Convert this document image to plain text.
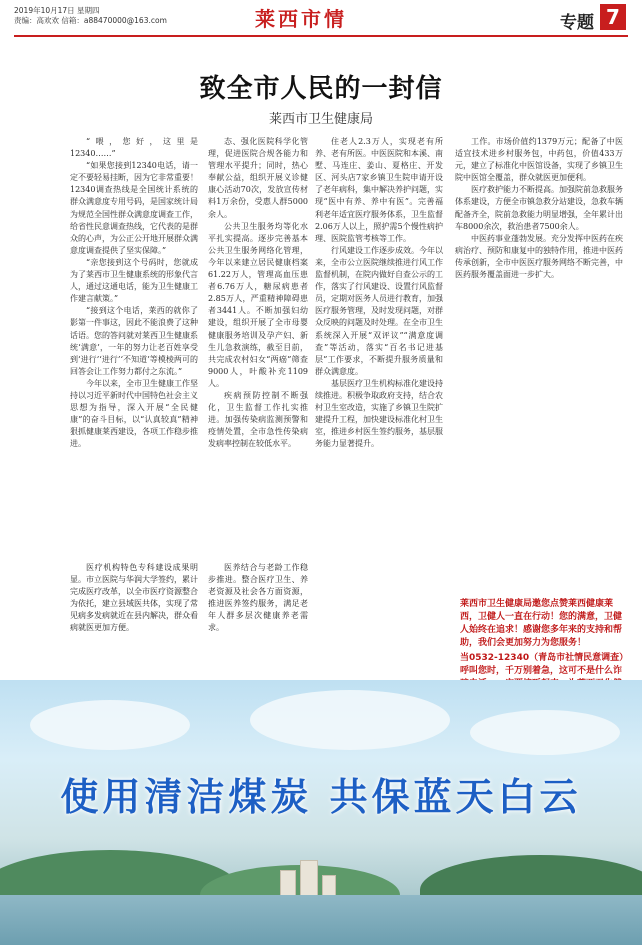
2019年10月17日 星期四
责编：高欢欢 信箱：a88470000@163.com	莱西市情	专题 7
致全市人民的一封信
莱西市卫生健康局

“喂，您好，这里是12340……”

“如果您接到12340电话，请一定不要轻易挂断，因为它非常重要！12340调查热线是全国统计系统的群众满意度专用号码，是国家统计局为规范全国性群众满意度调查工作，给省性民意调查热线，它代表的是群众的心声，为公正公开地开展群众满意度调查提供了坚实保障。”

“亲您接到这个号码时，您就成为了莱西市卫生健康系统的形象代言人，通过这通电话，能为卫生健康工作建言献策。”

“接到这个电话，莱西的就你了影第一件事这，因此不能浪费了这种话语。您的答问就对莱西卫生健康系统‘满意’，一年的努力让老百姓享受到‘进行’‘进行’‘不知道’等模棱两可的回答会让工作努力都付之东流。”

今年以来，全市卫生健康工作坚持以习近平新时代中国特色社会主义思想为指导，深入开展“全民健康”的奋斗目标，以“认真较真”精神狠抓健康莱西建设，各项工作稳步推进。

医疗机构特色专科建设成果明显。市立医院与华润大学签约，累计完成医疗改革，以全市医疗资源整合为依托，建立县域医共体，实现了常见病多发病就近在县内解决，群众看病就医更加方便。

态、强化医院科学化管理，促进医院合规各能力和管理水平提升；同时，热心奉献公益，组织开展义诊健康心活动70次，发放宣传材料1万余份，受惠人群5000余人。

公共卫生服务均等化水平扎实提高。逐步完善基本公共卫生服务网络化管理，今年以来建立居民健康档案61.22万人，管理高血压患者6.76万人，糖尿病患者2.85万人，严重精神障碍患者3441人。不断加强妇幼建设，组织开展了全市母婴健康服务培训及孕产妇、新生儿急救演练，截至目前，共完成农村妇女“两癌”筛查9000人，叶酸补充1109人。

疾病预防控制不断强化，卫生监督工作扎实推进。加强传染病监测预警和疫情处置，全市急性传染病发病率控制在较低水平。

医养结合与老龄工作稳步推进。整合医疗卫生、养老资源及社会各方面资源，推进医养签约服务，满足老年人群多层次健康养老需求。

住老人2.3万人，实现老有所养、老有所医。中医医院和本溪、南墅、马连庄、姜山、夏格庄、开发区、河头店7家乡镇卫生院申请开设了老年病科，集中解决养护问题，实现“医中有养、养中有医”。完善福利老年适宜医疗服务体系，卫生监督2.06万人以上，照护需5个慢性病护理、医院监管考核等工作。

行风建设工作逐步成效。今年以来，全市公立医院继续推进行风工作监督机制，在院内做好自查公示的工作，落实了行风建设、设置行风监督员，定期对医务人员进行教育，加强医疗服务管理，及时发现问题，对群众反映的问题及时处理。在全市卫生系统深入开展“双评议”“满意度调查”等活动，落实“百名书记进基层”工作要求，不断提升服务质量和群众满意度。

基层医疗卫生机构标准化建设持续推进。积极争取政府支持，结合农村卫生室改造，实施了乡镇卫生院扩建提升工程，加快建设标准化村卫生室，推进乡村医生签约服务，基层服务能力显著提升。

工作。市场价值约1379万元；配备了中医适宜技术进乡村服务包，中药包，价值433万元，建立了标准化中医馆设备，实现了乡镇卫生院中医馆全覆盖，群众就医更加便利。

医疗救护能力不断提高。加强院前急救服务体系建设，方便全市镇急救分站建设，急救车辆配备齐全，院前急救能力明显增强，全年累计出车8000余次，救治患者7500余人。

中医药事业蓬勃发展。充分发挥中医药在疾病治疗、预防和康复中的独特作用，推进中医药传承创新，全市中医医疗服务网络不断完善，中医药服务覆盖面进一步扩大。

莱西市卫生健康局邀您点赞莱西健康莱西，卫健人一直在行动！您的满意，卫健人始终在追求！感谢您多年来的支持和帮助，我们会更加努力为您服务！

当0532-12340（青岛市社情民意调查）呼叫您时，千万别着急，这可不是什么诈

使用清洁煤炭 共保蓝天白云
